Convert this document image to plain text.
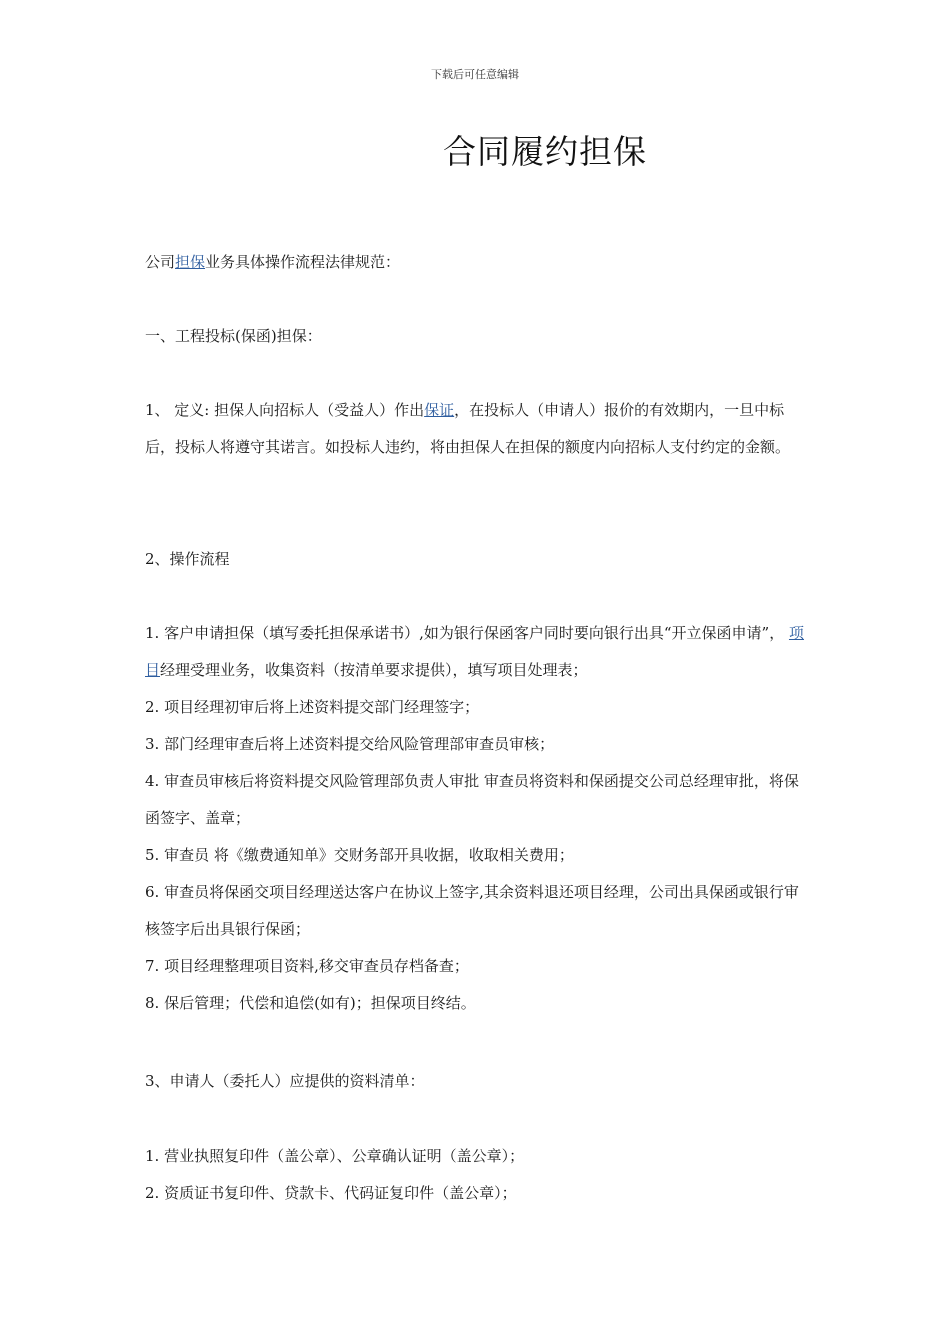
下载后可任意编辑
合同履约担保
公司担保业务具体操作流程法律规范：
一、工程投标(保函)担保：
1、 定义: 担保人向招标人（受益人）作出保证，在投标人（申请人）报价的有效期内，一旦中标后，投标人将遵守其诺言。如投标人违约，将由担保人在担保的额度内向招标人支付约定的金额。
2、操作流程
1. 客户申请担保（填写委托担保承诺书）,如为银行保函客户同时要向银行出具“开立保函申请”， 项目经理受理业务，收集资料（按清单要求提供），填写项目处理表；
2. 项目经理初审后将上述资料提交部门经理签字；
3. 部门经理审查后将上述资料提交给风险管理部审查员审核；
4. 审查员审核后将资料提交风险管理部负责人审批 审查员将资料和保函提交公司总经理审批，将保函签字、盖章；
5. 审查员 将《缴费通知单》交财务部开具收据，收取相关费用；
6. 审查员将保函交项目经理送达客户在协议上签字,其余资料退还项目经理，公司出具保函或银行审核签字后出具银行保函；
7. 项目经理整理项目资料,移交审查员存档备查；
8. 保后管理；代偿和追偿(如有)；担保项目终结。
3、申请人（委托人）应提供的资料清单：
1. 营业执照复印件（盖公章）、公章确认证明（盖公章）；
2. 资质证书复印件、贷款卡、代码证复印件（盖公章）；
